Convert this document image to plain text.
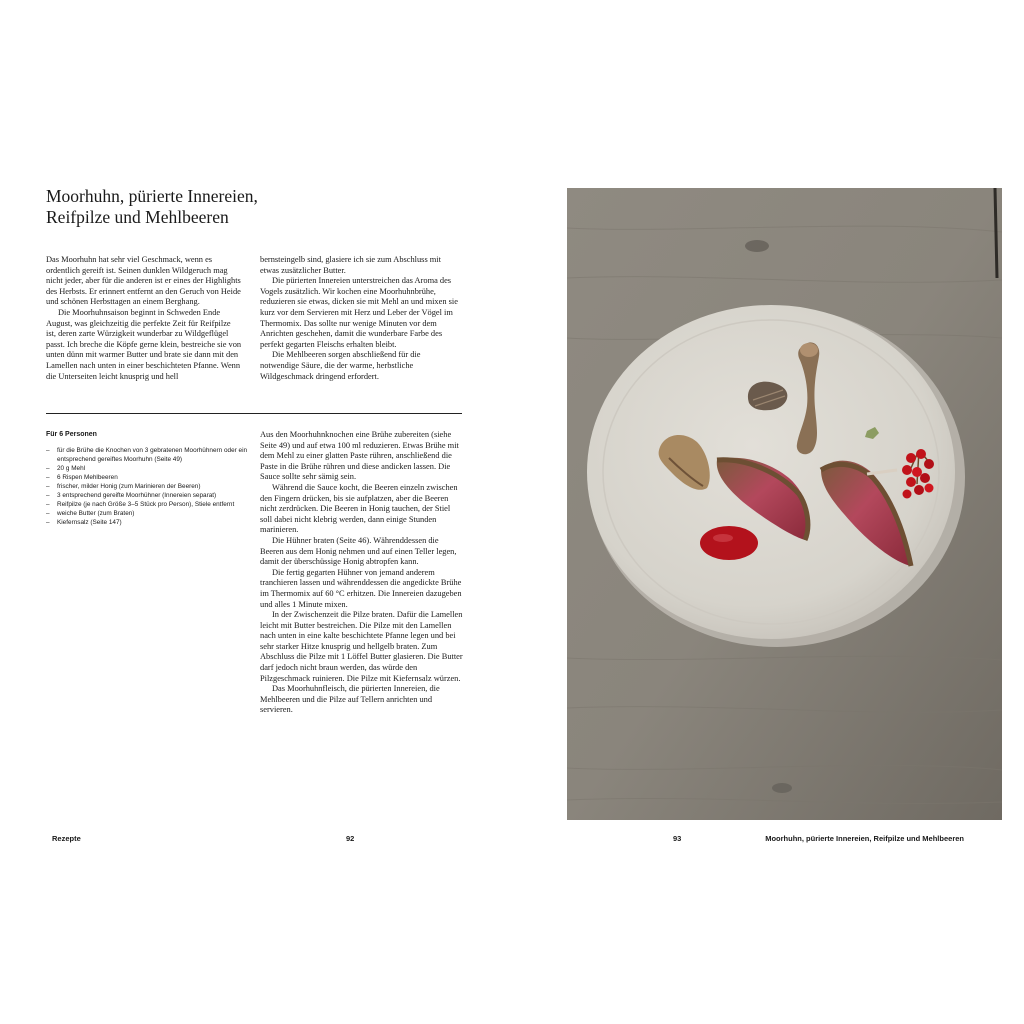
Moorhuhn, pürierte Innereien,
Reifpilze und Mehlbeeren

Das Moorhuhn hat sehr viel Geschmack, wenn es ordentlich gereift ist. Seinen dunklen Wildgeruch mag nicht jeder, aber für die anderen ist er eines der Highlights des Herbsts. Er erinnert entfernt an den Geruch von Heide und schönen Herbsttagen an einem Berghang.

Die Moorhuhnsaison beginnt in Schweden Ende August, was gleichzeitig die perfekte Zeit für Reifpilze ist, deren zarte Würzigkeit wunderbar zu Wildgeflügel passt. Ich breche die Köpfe gerne klein, bestreiche sie von unten dünn mit warmer Butter und brate sie dann mit den Lamellen nach unten in einer beschichteten Pfanne. Wenn die Unterseiten leicht knusprig und hell

bernsteingelb sind, glasiere ich sie zum Abschluss mit etwas zusätzlicher Butter.

Die pürierten Innereien unterstreichen das Aroma des Vogels zusätzlich. Wir kochen eine Moorhuhnbrühe, reduzieren sie etwas, dicken sie mit Mehl an und mixen sie kurz vor dem Servieren mit Herz und Leber der Vögel im Thermomix. Das sollte nur wenige Minuten vor dem Anrichten geschehen, damit die wunderbare Farbe des perfekt gegarten Fleischs erhalten bleibt.

Die Mehlbeeren sorgen abschließend für die notwendige Säure, die der warme, herbstliche Wildgeschmack dringend erfordert.

Für 6 Personen
– für die Brühe die Knochen von 3 gebratenen Moorhühnern oder ein entsprechend gereiftes Moorhuhn (Seite 49)
– 20 g Mehl
– 6 Rispen Mehlbeeren
– frischer, milder Honig (zum Marinieren der Beeren)
– 3 entsprechend gereifte Moorhühner (Innereien separat)
– Reifpilze (je nach Größe 3–5 Stück pro Person), Stiele entfernt
– weiche Butter (zum Braten)
– Kiefernsalz (Seite 147)

Aus den Moorhuhnknochen eine Brühe zubereiten (siehe Seite 49) und auf etwa 100 ml reduzieren. Etwas Brühe mit dem Mehl zu einer glatten Paste rühren, anschließend die Paste in die Brühe rühren und diese andicken lassen. Die Sauce sollte sehr sämig sein.

Während die Sauce kocht, die Beeren einzeln zwischen den Fingern drücken, bis sie aufplatzen, aber die Beeren nicht zerdrücken. Die Beeren in Honig tauchen, der Stiel soll dabei nicht klebrig werden, dann einige Stunden marinieren.

Die Hühner braten (Seite 46). Währenddessen die Beeren aus dem Honig nehmen und auf einen Teller legen, damit der überschüssige Honig abtropfen kann.

Die fertig gegarten Hühner von jemand anderem tranchieren lassen und währenddessen die angedickte Brühe im Thermomix auf 60 °C erhitzen. Die Innereien dazugeben und alles 1 Minute mixen.

In der Zwischenzeit die Pilze braten. Dafür die Lamellen leicht mit Butter bestreichen. Die Pilze mit den Lamellen nach unten in eine kalte beschichtete Pfanne legen und bei sehr starker Hitze knusprig und hellgelb braten. Zum Abschluss die Pilze mit 1 Löffel Butter glasieren. Die Butter darf jedoch nicht braun werden, das würde den Pilzgeschmack ruinieren. Die Pilze mit Kiefernsalz würzen.

Das Moorhuhnfleisch, die pürierten Innereien, die Mehlbeeren und die Pilze auf Tellern anrichten und servieren.

Rezepte	92	93	Moorhuhn, pürierte Innereien, Reifpilze und Mehlbeeren
